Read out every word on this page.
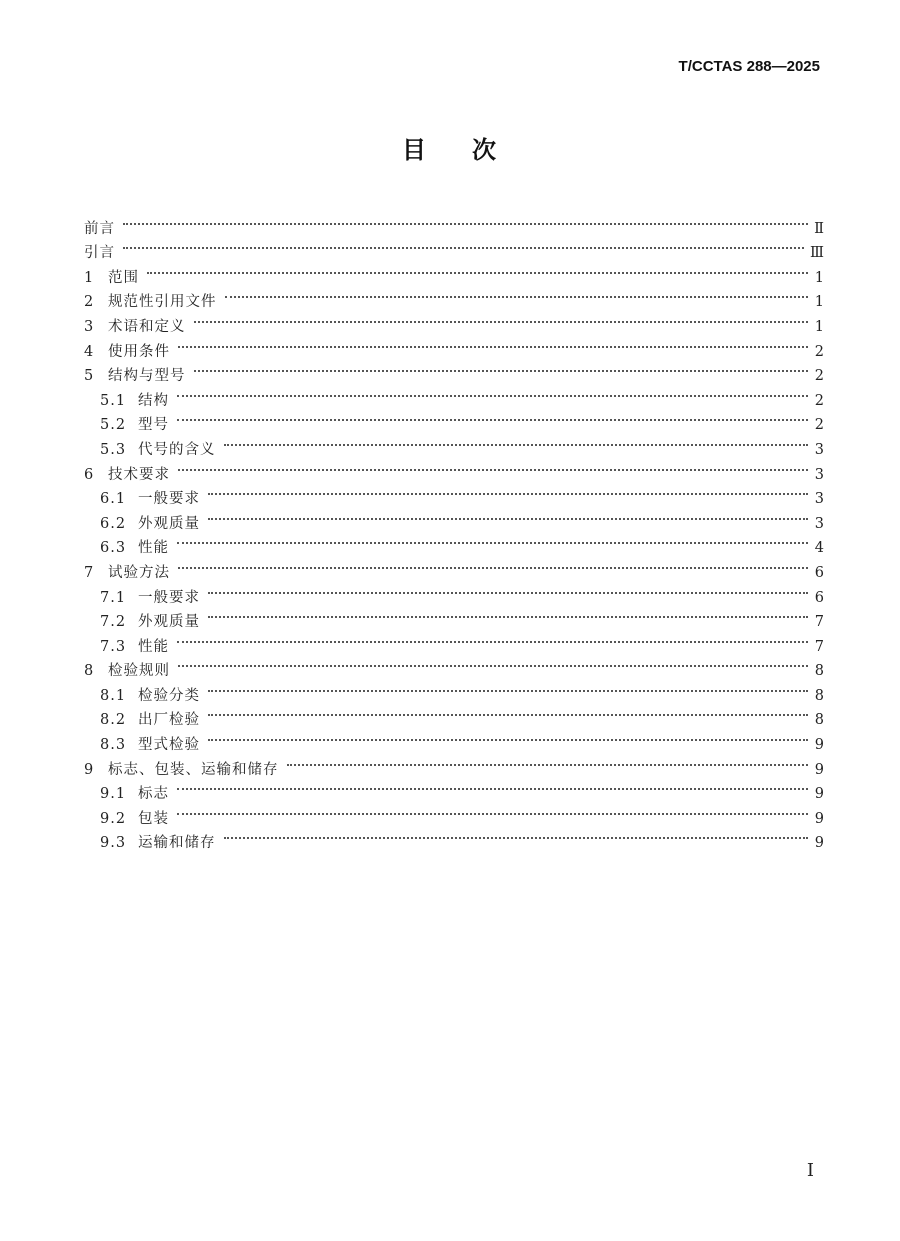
T/CCTAS 288—2025
目 次
前言	Ⅱ
引言	Ⅲ
1	范围	1
2	规范性引用文件	1
3	术语和定义	1
4	使用条件	2
5	结构与型号	2
5.1 结构	2
5.2 型号	2
5.3 代号的含义	3
6	技术要求	3
6.1 一般要求	3
6.2 外观质量	3
6.3 性能	4
7	试验方法	6
7.1 一般要求	6
7.2 外观质量	7
7.3 性能	7
8	检验规则	8
8.1 检验分类	8
8.2 出厂检验	8
8.3 型式检验	9
9	标志、包装、运输和储存	9
9.1 标志	9
9.2 包装	9
9.3 运输和储存	9
I
